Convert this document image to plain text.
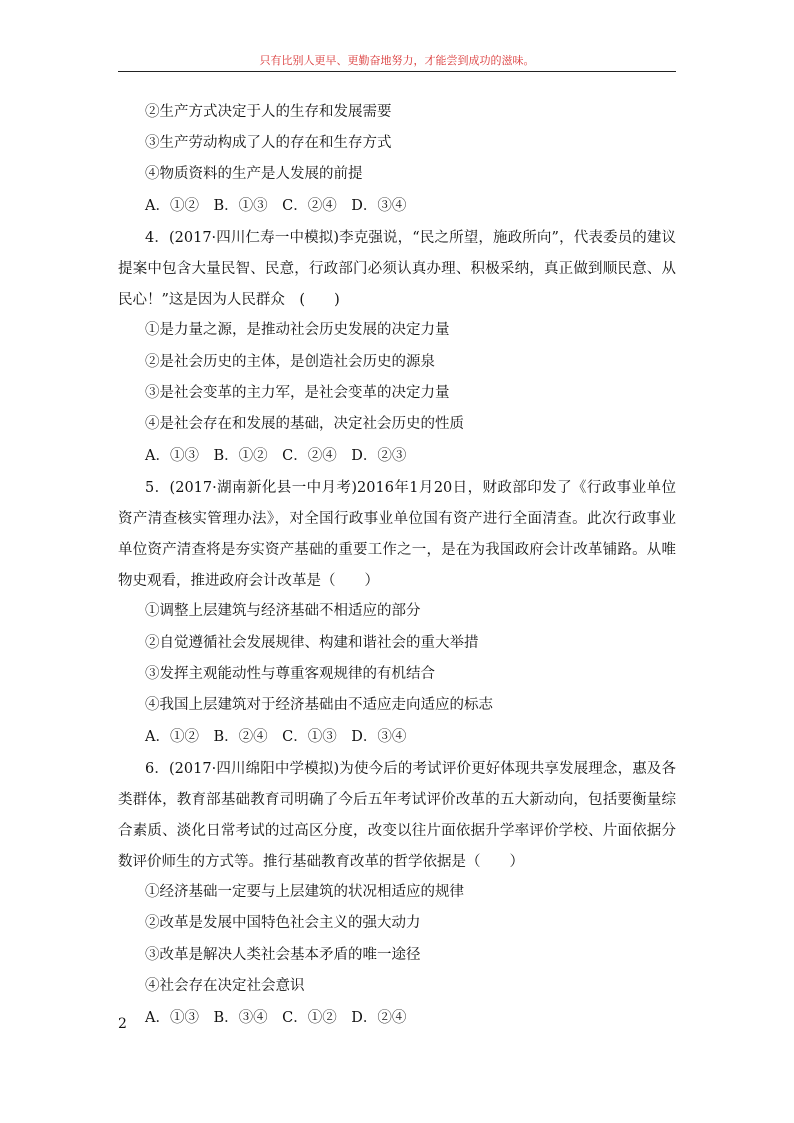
只有比别人更早、更勤奋地努力，才能尝到成功的滋味。
②生产方式决定于人的生存和发展需要
③生产劳动构成了人的存在和生存方式
④物质资料的生产是人发展的前提
A．①②　B．①③　C．②④　D．③④
4．(2017·四川仁寿一中模拟)李克强说，“民之所望，施政所向”，代表委员的建议提案中包含大量民智、民意，行政部门必须认真办理、积极采纳，真正做到顺民意、从民心！”这是因为人民群众　(　　)
①是力量之源，是推动社会历史发展的决定力量
②是社会历史的主体，是创造社会历史的源泉
③是社会变革的主力军，是社会变革的决定力量
④是社会存在和发展的基础，决定社会历史的性质
A．①③　B．①②　C．②④　D．②③
5．(2017·湖南新化县一中月考)2016年1月20日，财政部印发了《行政事业单位资产清查核实管理办法》，对全国行政事业单位国有资产进行全面清查。此次行政事业单位资产清查将是夯实资产基础的重要工作之一，是在为我国政府会计改革铺路。从唯物史观看，推进政府会计改革是（　　）
①调整上层建筑与经济基础不相适应的部分
②自觉遵循社会发展规律、构建和谐社会的重大举措
③发挥主观能动性与尊重客观规律的有机结合
④我国上层建筑对于经济基础由不适应走向适应的标志
A．①②　B．②④　C．①③　D．③④
6．(2017·四川绵阳中学模拟)为使今后的考试评价更好体现共享发展理念，惠及各类群体，教育部基础教育司明确了今后五年考试评价改革的五大新动向，包括要衡量综合素质、淡化日常考试的过高区分度，改变以往片面依据升学率评价学校、片面依据分数评价师生的方式等。推行基础教育改革的哲学依据是（　　）
①经济基础一定要与上层建筑的状况相适应的规律
②改革是发展中国特色社会主义的强大动力
③改革是解决人类社会基本矛盾的唯一途径
④社会存在决定社会意识
A．①③　B．③④　C．①②　D．②④
2
